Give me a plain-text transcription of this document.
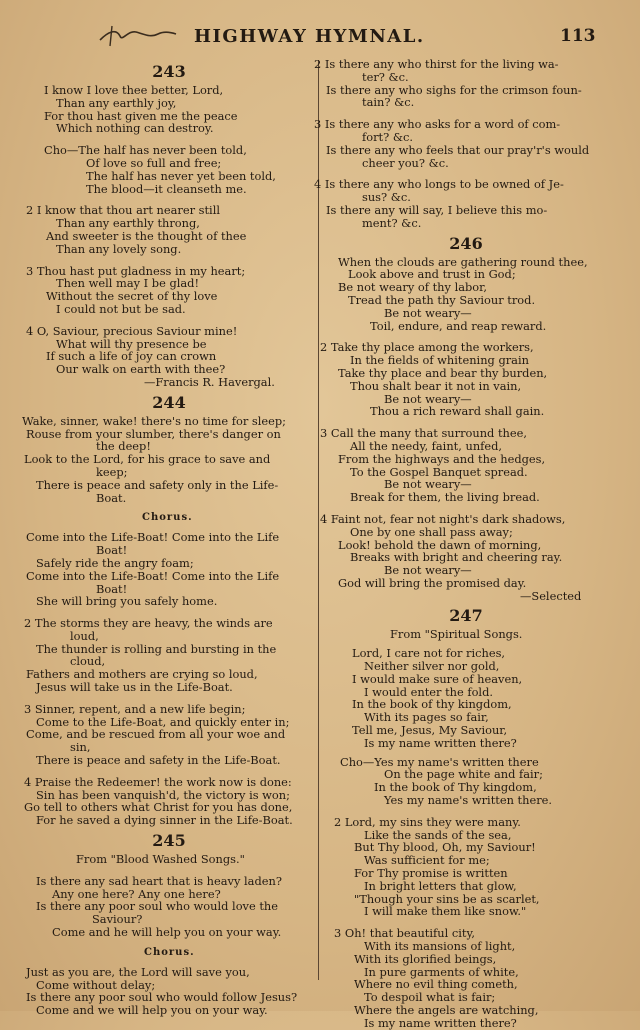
HIGHWAY HYMNAL.	113
243
I know I love thee better, Lord,
Than any earthly joy,
For thou hast given me the peace
Which nothing can destroy.
Cho—The half has never been told,
Of love so full and free;
The half has never yet been told,
The blood—it cleanseth me.
2 I know that thou art nearer still
Than any earthly throng,
And sweeter is the thought of thee
Than any lovely song.
3 Thou hast put gladness in my heart;
Then well may I be glad!
Without the secret of thy love
I could not but be sad.
4 O, Saviour, precious Saviour mine!
What will thy presence be
If such a life of joy can crown
Our walk on earth with thee?
—Francis R. Havergal.
244
Wake, sinner, wake! there's no time for sleep;
Rouse from your slumber, there's danger on
the deep!
Look to the Lord, for his grace to save and
keep;
There is peace and safety only in the Life-
Boat.
Chorus.
Come into the Life-Boat! Come into the Life
Boat!
Safely ride the angry foam;
Come into the Life-Boat! Come into the Life
Boat!
She will bring you safely home.
2 The storms they are heavy, the winds are
loud,
The thunder is rolling and bursting in the
cloud,
Fathers and mothers are crying so loud,
Jesus will take us in the Life-Boat.
3 Sinner, repent, and a new life begin;
Come to the Life-Boat, and quickly enter in;
Come, and be rescued from all your woe and
sin,
There is peace and safety in the Life-Boat.
4 Praise the Redeemer! the work now is done:
Sin has been vanquish'd, the victory is won;
Go tell to others what Christ for you has done,
For he saved a dying sinner in the Life-Boat.
245
From "Blood Washed Songs."
Is there any sad heart that is heavy laden?
Any one here? Any one here?
Is there any poor soul who would love the
Saviour?
Come and he will help you on your way.
Chorus.
Just as you are, the Lord will save you,
Come without delay;
Is there any poor soul who would follow Jesus?
Come and we will help you on your way.
2 Is there any who thirst for the living wa-
ter? &c.
Is there any who sighs for the crimson foun-
tain? &c.
3 Is there any who asks for a word of com-
fort? &c.
Is there any who feels that our pray'r's would
cheer you? &c.
4 Is there any who longs to be owned of Je-
sus? &c.
Is there any will say, I believe this mo-
ment? &c.
246
When the clouds are gathering round thee,
Look above and trust in God;
Be not weary of thy labor,
Tread the path thy Saviour trod.
Be not weary—
Toil, endure, and reap reward.
2 Take thy place among the workers,
In the fields of whitening grain
Take thy place and bear thy burden,
Thou shalt bear it not in vain,
Be not weary—
Thou a rich reward shall gain.
3 Call the many that surround thee,
All the needy, faint, unfed,
From the highways and the hedges,
To the Gospel Banquet spread.
Be not weary—
Break for them, the living bread.
4 Faint not, fear not night's dark shadows,
One by one shall pass away;
Look! behold the dawn of morning,
Breaks with bright and cheering ray.
Be not weary—
God will bring the promised day.
—Selected
247
From "Spiritual Songs.
Lord, I care not for riches,
Neither silver nor gold,
I would make sure of heaven,
I would enter the fold.
In the book of thy kingdom,
With its pages so fair,
Tell me, Jesus, My Saviour,
Is my name written there?
Cho—Yes my name's written there
On the page white and fair;
In the book of Thy kingdom,
Yes my name's written there.
2 Lord, my sins they were many.
Like the sands of the sea,
But Thy blood, Oh, my Saviour!
Was sufficient for me;
For Thy promise is written
In bright letters that glow,
"Though your sins be as scarlet,
I will make them like snow."
3 Oh! that beautiful city,
With its mansions of light,
With its glorified beings,
In pure garments of white,
Where no evil thing cometh,
To despoil what is fair;
Where the angels are watching,
Is my name written there?
